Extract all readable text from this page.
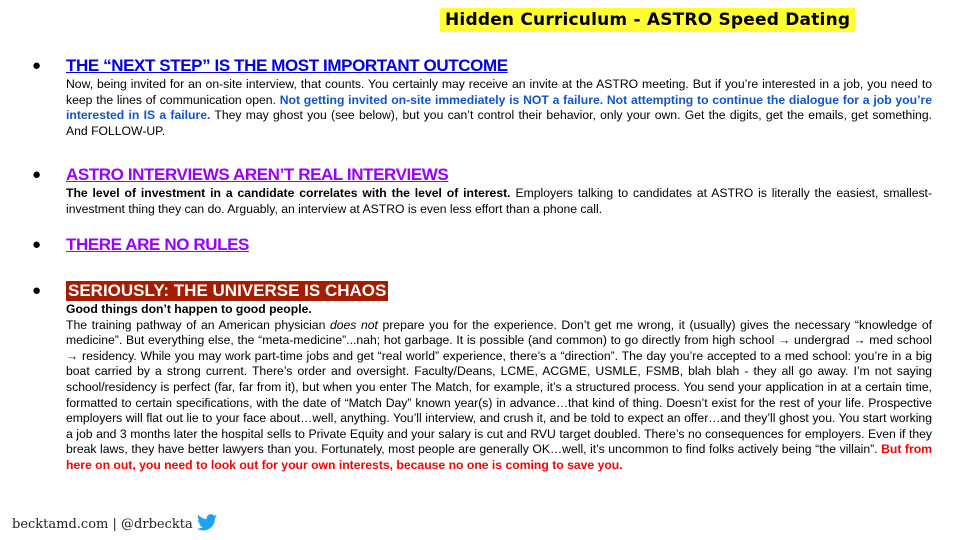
Hidden Curriculum - ASTRO Speed Dating
● THE “NEXT STEP” IS THE MOST IMPORTANT OUTCOME
Now, being invited for an on-site interview, that counts. You certainly may receive an invite at the ASTRO meeting. But if you’re interested in a job, you need to keep the lines of communication open. Not getting invited on-site immediately is NOT a failure. Not attempting to continue the dialogue for a job you’re interested in IS a failure. They may ghost you (see below), but you can’t control their behavior, only your own. Get the digits, get the emails, get something. And FOLLOW-UP.
● ASTRO INTERVIEWS AREN’T REAL INTERVIEWS
The level of investment in a candidate correlates with the level of interest. Employers talking to candidates at ASTRO is literally the easiest, smallest-investment thing they can do. Arguably, an interview at ASTRO is even less effort than a phone call.
● THERE ARE NO RULES
● SERIOUSLY: THE UNIVERSE IS CHAOS
Good things don’t happen to good people.
The training pathway of an American physician does not prepare you for the experience. Don’t get me wrong, it (usually) gives the necessary “knowledge of medicine”. But everything else, the “meta-medicine”...nah; hot garbage. It is possible (and common) to go directly from high school → undergrad → med school → residency. While you may work part-time jobs and get “real world” experience, there’s a “direction”. The day you’re accepted to a med school: you’re in a big boat carried by a strong current. There’s order and oversight. Faculty/Deans, LCME, ACGME, USMLE, FSMB, blah blah - they all go away. I’m not saying school/residency is perfect (far, far from it), but when you enter The Match, for example, it’s a structured process. You send your application in at a certain time, formatted to certain specifications, with the date of “Match Day” known year(s) in advance…that kind of thing. Doesn’t exist for the rest of your life. Prospective employers will flat out lie to your face about…well, anything. You’ll interview, and crush it, and be told to expect an offer…and they’ll ghost you. You start working a job and 3 months later the hospital sells to Private Equity and your salary is cut and RVU target doubled. There’s no consequences for employers. Even if they break laws, they have better lawyers than you. Fortunately, most people are generally OK…well, it’s uncommon to find folks actively being “the villain”. But from here on out, you need to look out for your own interests, because no one is coming to save you.
becktamd.com | @drbeckta
